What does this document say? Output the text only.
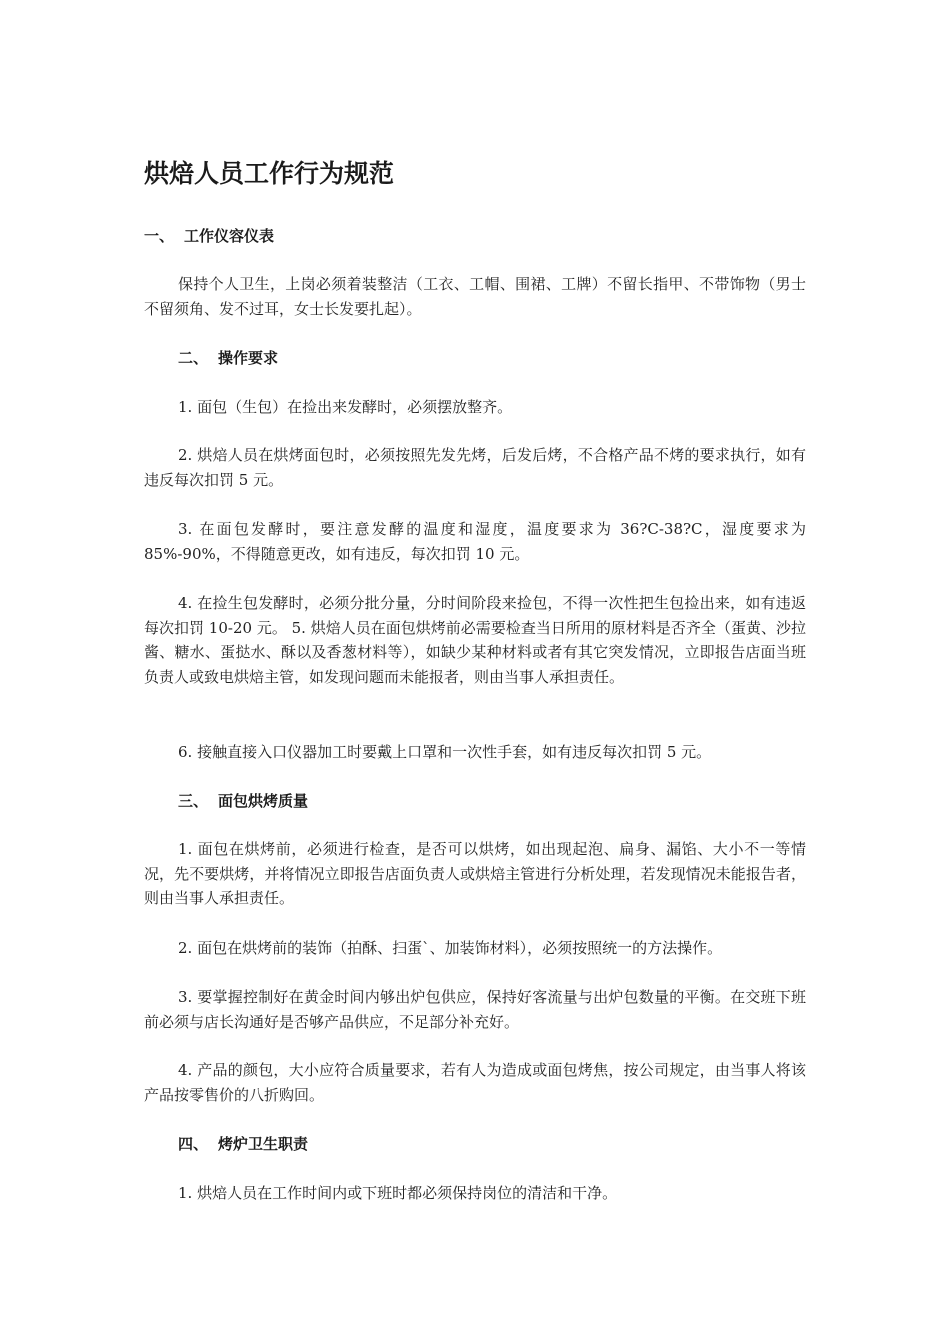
烘焙人员工作行为规范
一、 工作仪容仪表

保持个人卫生，上岗必须着装整洁（工衣、工帽、围裙、工牌）不留长指甲、不带饰物（男士不留须角、发不过耳，女士长发要扎起）。

二、 操作要求

1. 面包（生包）在捡出来发酵时，必须摆放整齐。

2. 烘焙人员在烘烤面包时，必须按照先发先烤，后发后烤，不合格产品不烤的要求执行，如有违反每次扣罚 5 元。

3. 在面包发酵时，要注意发酵的温度和湿度，温度要求为 36?C-38?C，湿度要求为 85%-90%，不得随意更改，如有违反，每次扣罚 10 元。

4. 在捡生包发酵时，必须分批分量，分时间阶段来捡包，不得一次性把生包捡出来，如有违返每次扣罚 10-20 元。 5. 烘焙人员在面包烘烤前必需要检查当日所用的原材料是否齐全（蛋黄、沙拉酱、糖水、蛋挞水、酥以及香葱材料等），如缺少某种材料或者有其它突发情况，立即报告店面当班负责人或致电烘焙主管，如发现问题而未能报者，则由当事人承担责任。

6. 接触直接入口仪器加工时要戴上口罩和一次性手套，如有违反每次扣罚 5 元。

三、 面包烘烤质量

1. 面包在烘烤前，必须进行检查，是否可以烘烤，如出现起泡、扁身、漏馅、大小不一等情况，先不要烘烤，并将情况立即报告店面负责人或烘焙主管进行分析处理，若发现情况未能报告者，则由当事人承担责任。

2. 面包在烘烤前的装饰（拍酥、扫蛋`、加装饰材料），必须按照统一的方法操作。

3. 要掌握控制好在黄金时间内够出炉包供应，保持好客流量与出炉包数量的平衡。在交班下班前必须与店长沟通好是否够产品供应，不足部分补充好。

4. 产品的颜包，大小应符合质量要求，若有人为造成或面包烤焦，按公司规定，由当事人将该产品按零售价的八折购回。

四、 烤炉卫生职责

1. 烘焙人员在工作时间内或下班时都必须保持岗位的清洁和干净。
